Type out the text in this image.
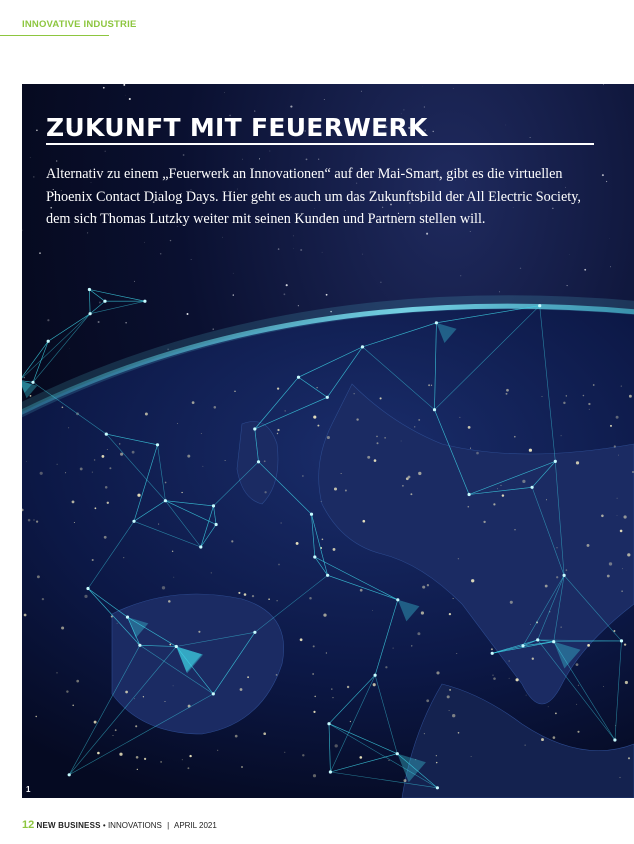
INNOVATIVE INDUSTRIE
ZUKUNFT MIT FEUERWERK
Alternativ zu einem „Feuerwerk an Innovationen“ auf der Mai-Smart, gibt es die virtuellen Phoenix Contact Dialog Days. Hier geht es auch um das Zukunftsbild der All Electric Society, dem sich Thomas Lutzky weiter mit seinen Kunden und Partnern stellen will.
1
12 NEW BUSINESS • INNOVATIONS | APRIL 2021
